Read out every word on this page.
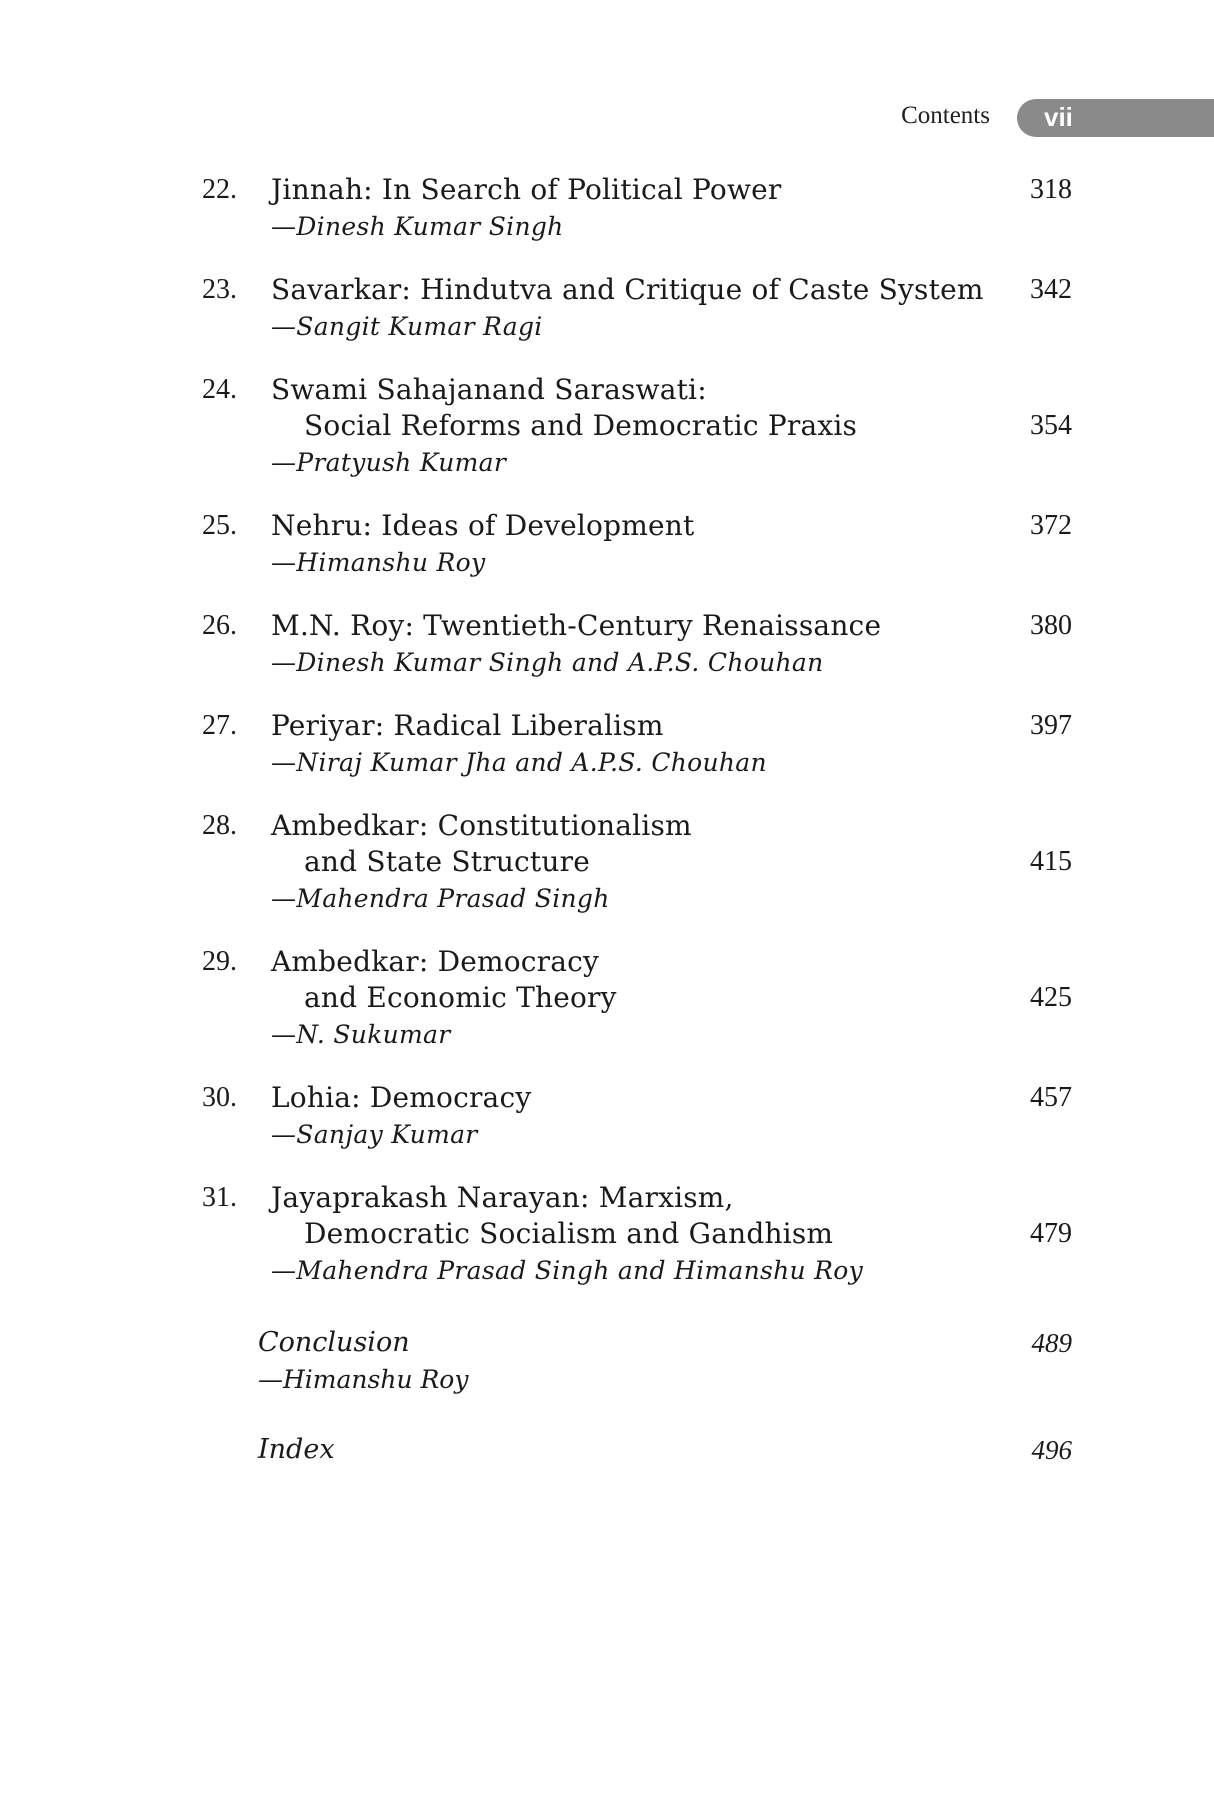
Contents vii
22. Jinnah: In Search of Political Power
—Dinesh Kumar Singh
318
23. Savarkar: Hindutva and Critique of Caste System
—Sangit Kumar Ragi
342
24. Swami Sahajanand Saraswati:
Social Reforms and Democratic Praxis
—Pratyush Kumar
354
25. Nehru: Ideas of Development
—Himanshu Roy
372
26. M.N. Roy: Twentieth-Century Renaissance
—Dinesh Kumar Singh and A.P.S. Chouhan
380
27. Periyar: Radical Liberalism
—Niraj Kumar Jha and A.P.S. Chouhan
397
28. Ambedkar: Constitutionalism
and State Structure
—Mahendra Prasad Singh
415
29. Ambedkar: Democracy
and Economic Theory
—N. Sukumar
425
30. Lohia: Democracy
—Sanjay Kumar
457
31. Jayaprakash Narayan: Marxism,
Democratic Socialism and Gandhism
—Mahendra Prasad Singh and Himanshu Roy
479
Conclusion
—Himanshu Roy
489
Index	496
